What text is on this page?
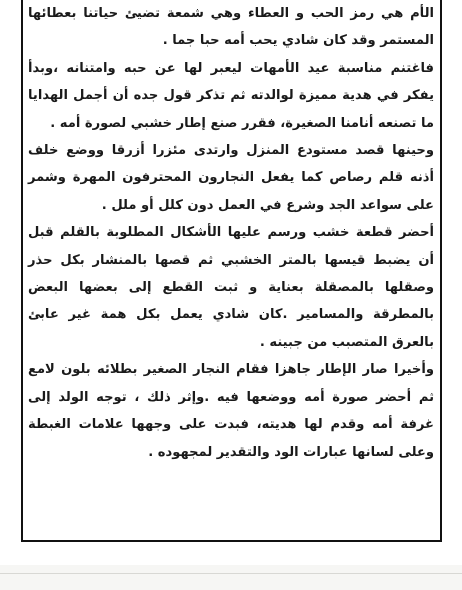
الأم هي رمز الحب و العطاء وهي شمعة تضيئ حياتنا بعطائها المستمر وقد كان شادي يحب أمه حبا جما .

فاغتنم مناسبة عيد الأمهات ليعبر لها عن حبه وامتنانه ،وبدأ يفكر في هدية مميزة لوالدته ثم تذكر قول جده أن أجمل الهدايا ما تصنعه أنامنا الصغيرة، فقرر صنع إطار خشبي لصورة أمه .

وحينها قصد مستودع المنزل وارتدى مئزرا أزرقا ووضع خلف أذنه قلم رصاص كما يفعل النجارون المحترفون المهرة وشمر على سواعد الجد وشرع في العمل دون كلل أو ملل .

أحضر قطعة خشب ورسم عليها الأشكال المطلوبة بالقلم قبل أن يضبط قيسها بالمتر الخشبي ثم قصها بالمنشار بكل حذر وصقلها بالمصقلة بعناية و ثبت القطع إلى بعضها البعض بالمطرقة والمسامير .كان شادي يعمل بكل همة غير عابئ بالعرق المتصبب من جبينه .

وأخيرا صار الإطار جاهزا فقام النجار الصغير بطلائه بلون لامع ثم أحضر صورة أمه ووضعها فيه .وإثر ذلك ، توجه الولد إلى غرفة أمه وقدم لها هديته، فبدت على وجهها علامات الغبطة وعلى لسانها عبارات الود والتقدير لمجهوده .
